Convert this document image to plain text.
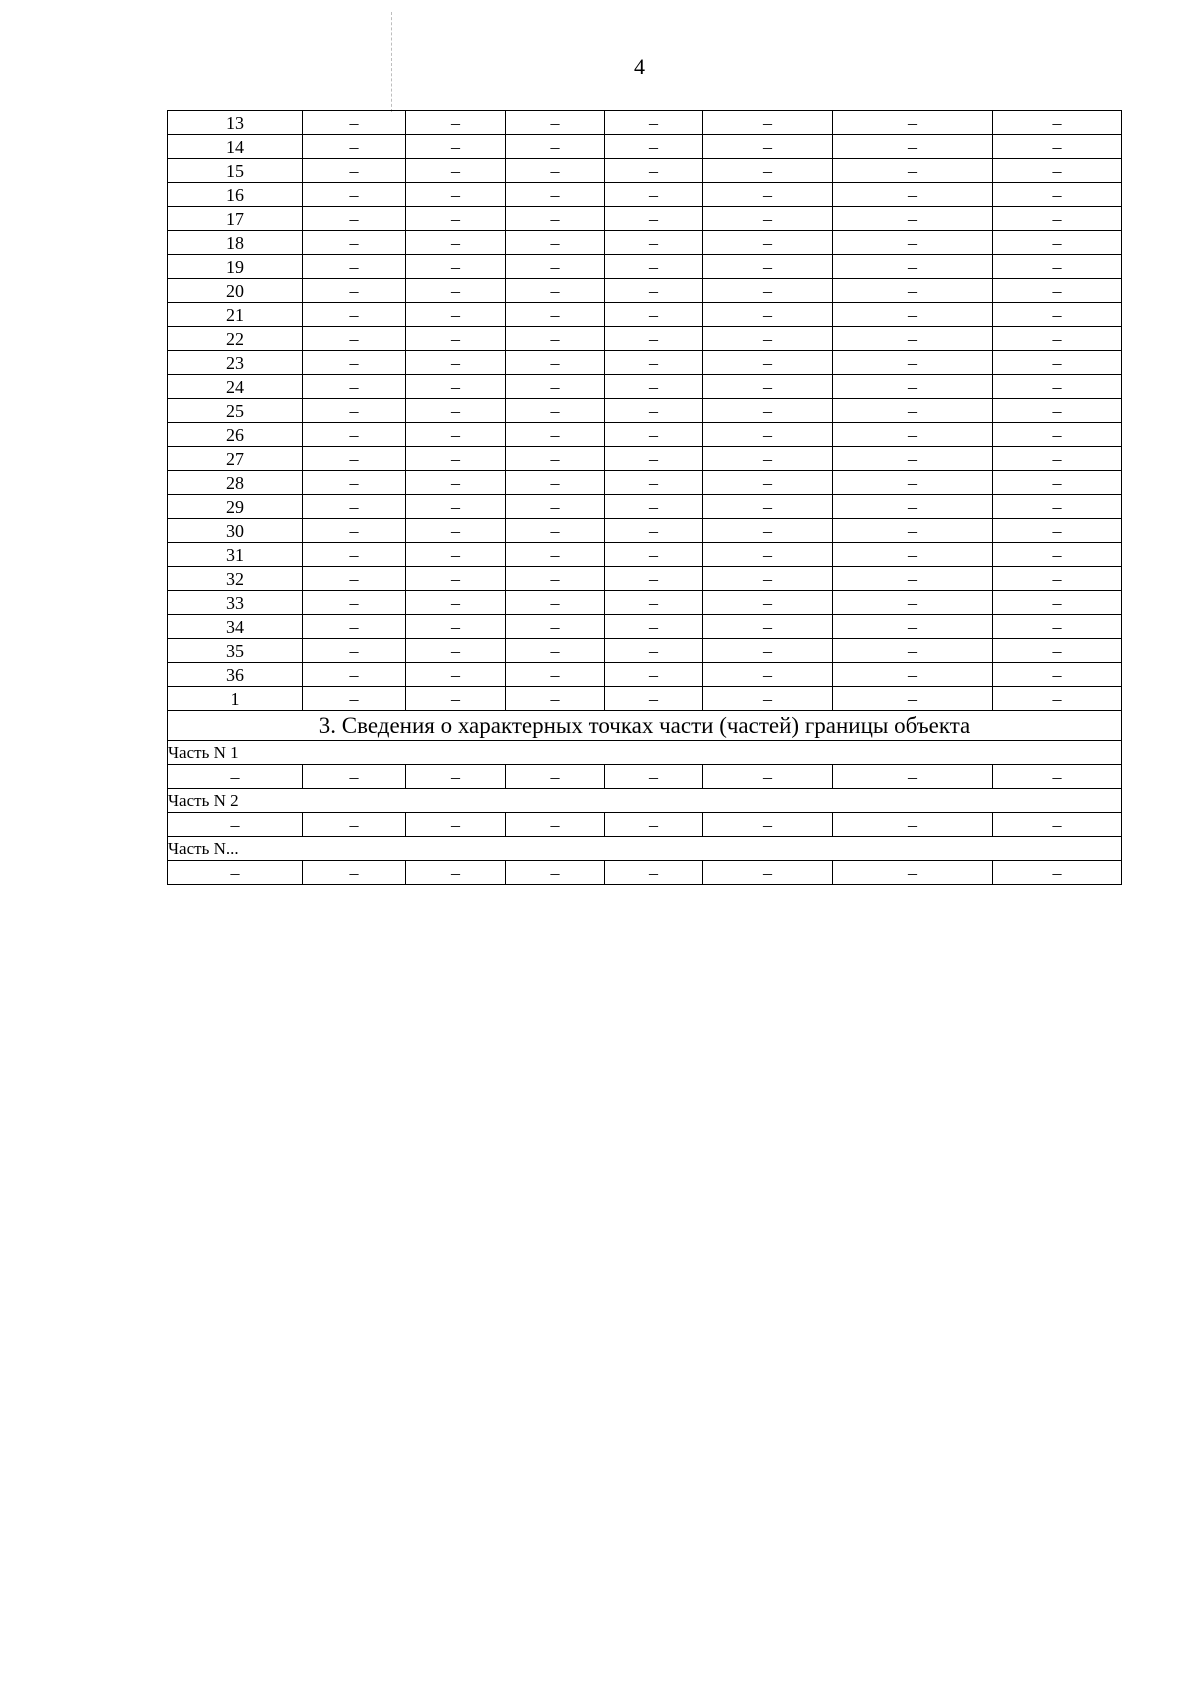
4
13	–	–	–	–	–	–	–
14	–	–	–	–	–	–	–
15	–	–	–	–	–	–	–
16	–	–	–	–	–	–	–
17	–	–	–	–	–	–	–
18	–	–	–	–	–	–	–
19	–	–	–	–	–	–	–
20	–	–	–	–	–	–	–
21	–	–	–	–	–	–	–
22	–	–	–	–	–	–	–
23	–	–	–	–	–	–	–
24	–	–	–	–	–	–	–
25	–	–	–	–	–	–	–
26	–	–	–	–	–	–	–
27	–	–	–	–	–	–	–
28	–	–	–	–	–	–	–
29	–	–	–	–	–	–	–
30	–	–	–	–	–	–	–
31	–	–	–	–	–	–	–
32	–	–	–	–	–	–	–
33	–	–	–	–	–	–	–
34	–	–	–	–	–	–	–
35	–	–	–	–	–	–	–
36	–	–	–	–	–	–	–
1	–	–	–	–	–	–	–
3. Сведения о характерных точках части (частей) границы объекта							
Часть N 1							
–	–	–	–	–	–	–	–
Часть N 2							
–	–	–	–	–	–	–	–
Часть N...							
–	–	–	–	–	–	–	–
